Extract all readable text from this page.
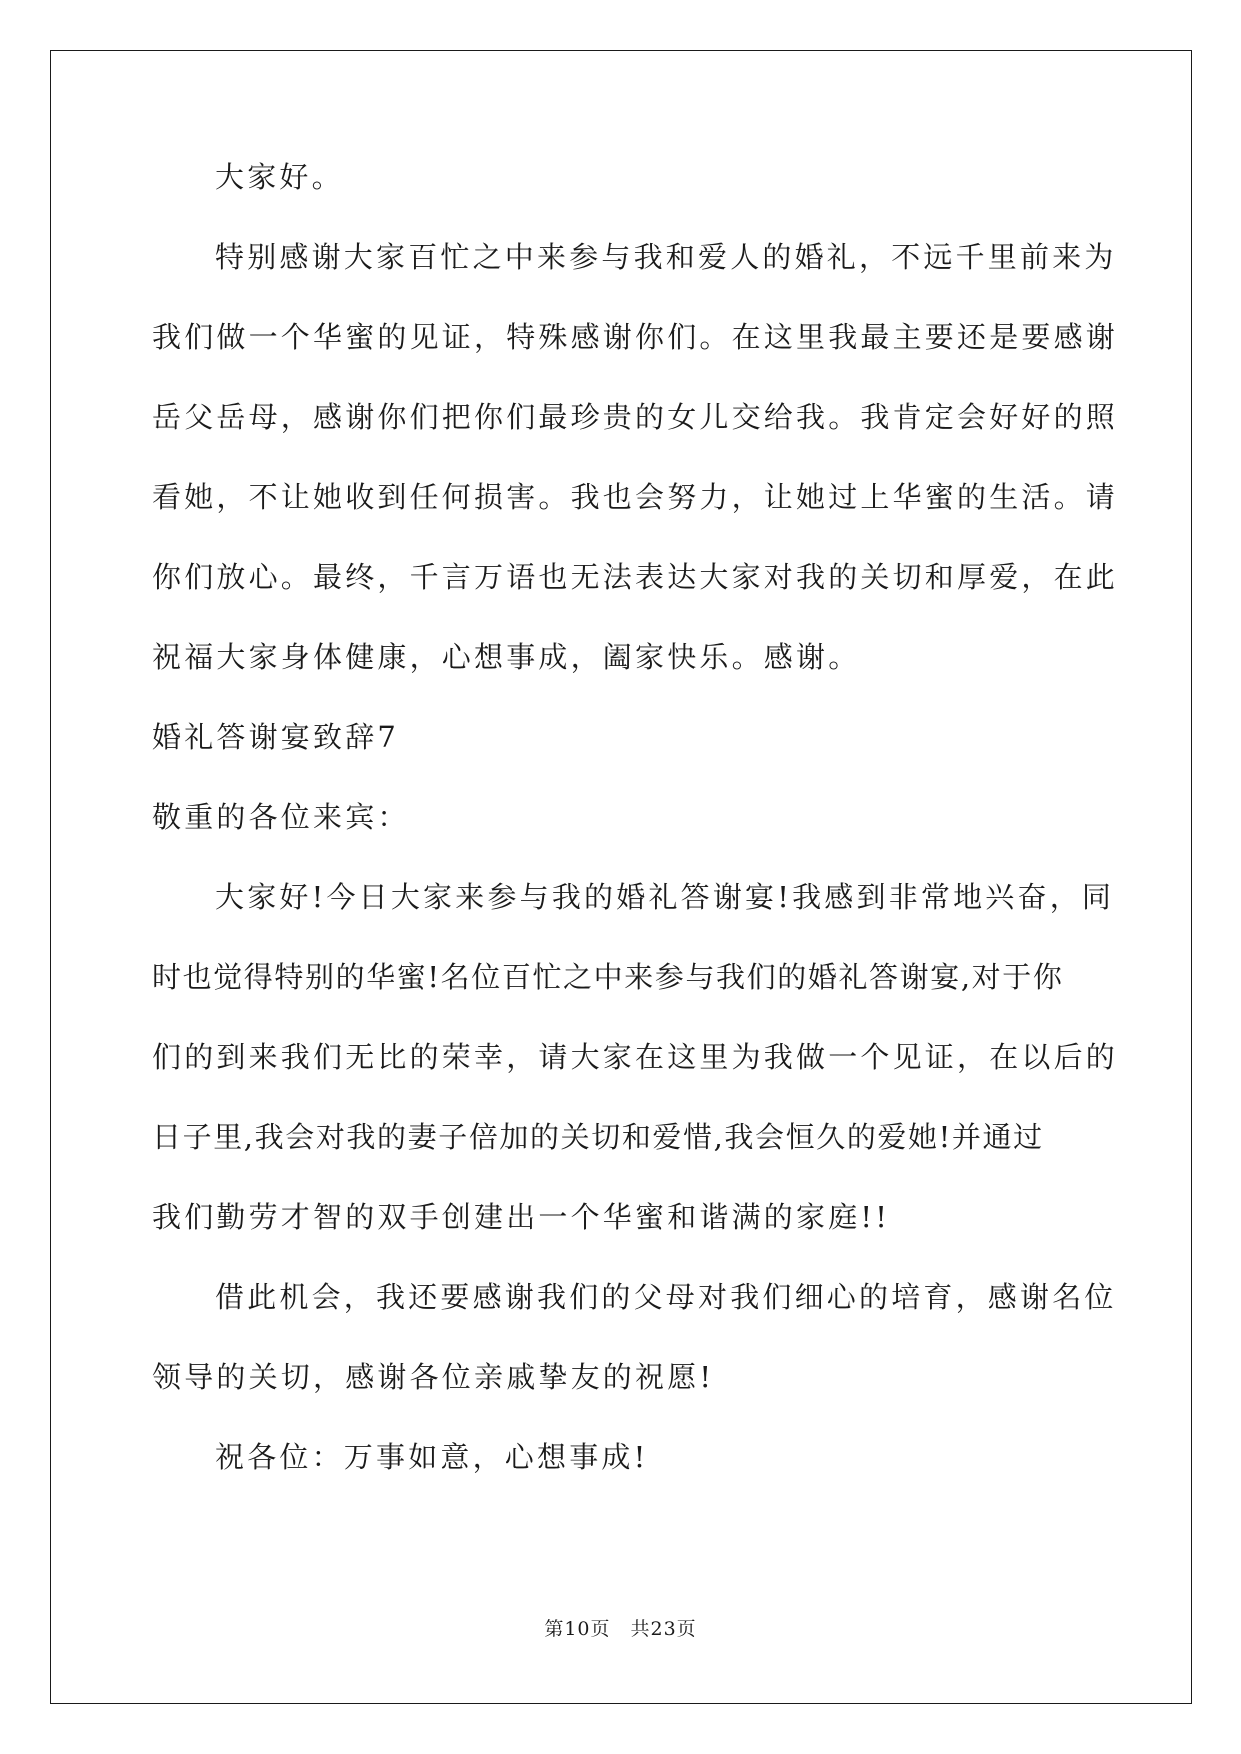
大家好。
特别感谢大家百忙之中来参与我和爱人的婚礼，不远千里前来为
我们做一个华蜜的见证，特殊感谢你们。在这里我最主要还是要感谢
岳父岳母，感谢你们把你们最珍贵的女儿交给我。我肯定会好好的照
看她，不让她收到任何损害。我也会努力，让她过上华蜜的生活。请
你们放心。最终，千言万语也无法表达大家对我的关切和厚爱，在此
祝福大家身体健康，心想事成，阖家快乐。感谢。
婚礼答谢宴致辞7
敬重的各位来宾：
大家好!今日大家来参与我的婚礼答谢宴!我感到非常地兴奋，同
时也觉得特别的华蜜!名位百忙之中来参与我们的婚礼答谢宴,对于你
们的到来我们无比的荣幸，请大家在这里为我做一个见证，在以后的
日子里,我会对我的妻子倍加的关切和爱惜,我会恒久的爱她!并通过
我们勤劳才智的双手创建出一个华蜜和谐满的家庭!!
借此机会，我还要感谢我们的父母对我们细心的培育，感谢名位
领导的关切，感谢各位亲戚挚友的祝愿!
祝各位：万事如意，心想事成!
第10页　共23页
